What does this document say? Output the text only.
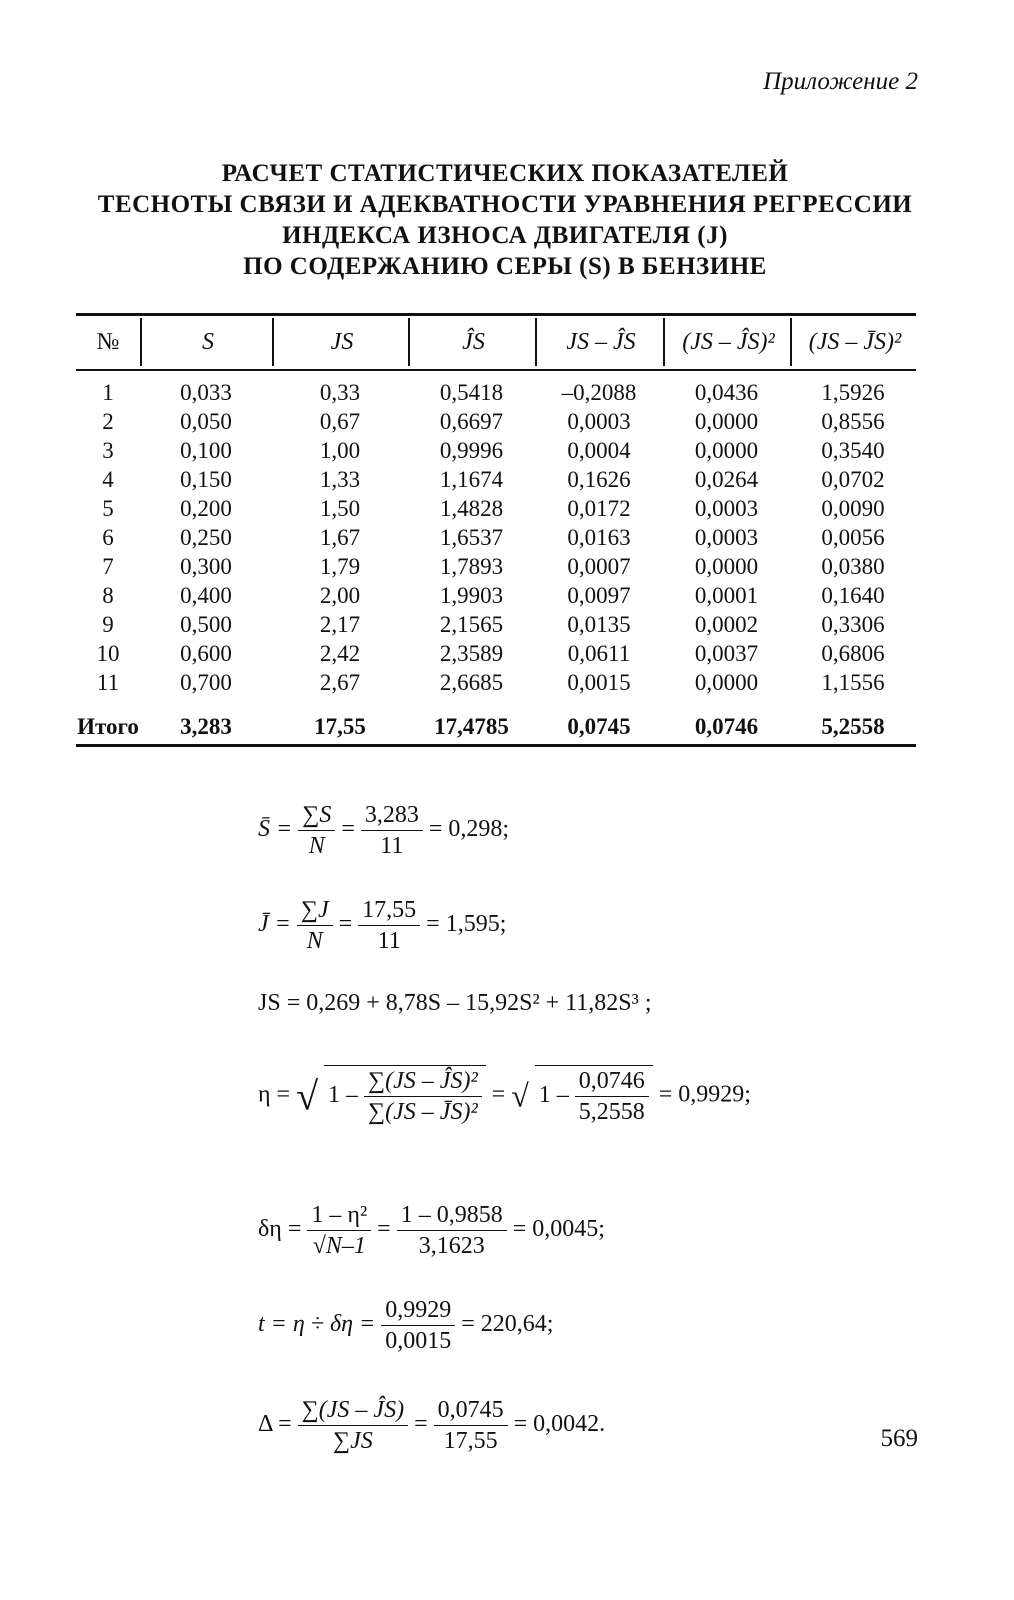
Приложение 2
РАСЧЕТ СТАТИСТИЧЕСКИХ ПОКАЗАТЕЛЕЙ
ТЕСНОТЫ СВЯЗИ И АДЕКВАТНОСТИ УРАВНЕНИЯ РЕГРЕССИИ
ИНДЕКСА ИЗНОСА ДВИГАТЕЛЯ (J)
ПО СОДЕРЖАНИЮ СЕРЫ (S) В БЕНЗИНЕ
№	S	JS	ĴS	JS – ĴS	(JS – ĴS)²	(JS – J̄S)²
1	0,033	0,33	0,5418	–0,2088	0,0436	1,5926
2	0,050	0,67	0,6697	0,0003	0,0000	0,8556
3	0,100	1,00	0,9996	0,0004	0,0000	0,3540
4	0,150	1,33	1,1674	0,1626	0,0264	0,0702
5	0,200	1,50	1,4828	0,0172	0,0003	0,0090
6	0,250	1,67	1,6537	0,0163	0,0003	0,0056
7	0,300	1,79	1,7893	0,0007	0,0000	0,0380
8	0,400	2,00	1,9903	0,0097	0,0001	0,1640
9	0,500	2,17	2,1565	0,0135	0,0002	0,3306
10	0,600	2,42	2,3589	0,0611	0,0037	0,6806
11	0,700	2,67	2,6685	0,0015	0,0000	1,1556
Итого	3,283	17,55	17,4785	0,0745	0,0746	5,2558
S̄ = $\frac{\sum S}{N} = \frac{3,283}{11} = 0,298$;
J̄ = $\frac{\sum J}{N} = \frac{17,55}{11} = 1,595$;
JS = 0,269 + 8,78S – 15,92S² + 11,82S³ ;
η = √ $1 - \frac{\text{∑(JS – ĴS)²}}{\text{∑(JS – J̄S)²}}$ = √ $1 - \frac{0,0746}{5,2558} = 0,9929$;
$\delta\eta = \frac{\text{1 – η²}}{√N-1} = \frac{1 - 0,9858}{3,1623} = 0,0045$;
$t = \eta \div \delta\eta = \frac{0,9929}{0,0015} = 220,64$;
$\Delta = \frac{\sum(JS - ĴS)}{\sum JS} = \frac{0,0745}{17,55} = 0,0042$.
569
